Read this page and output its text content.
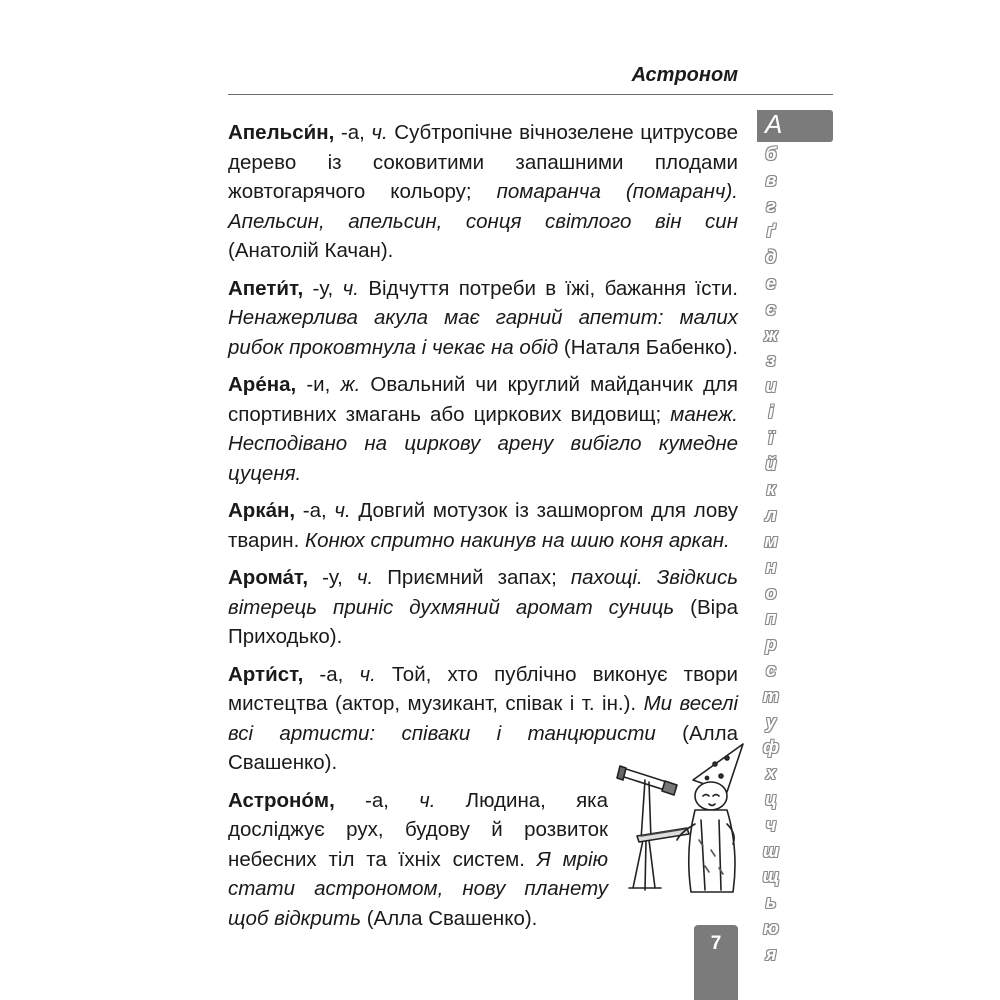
Астроном

Апельси́н, -а, ч. Субтропічне вічнозелене цитрусове дерево із соковитими запашними плодами жовтогарячого кольору; помаранча (помаранч). Апельсин, апельсин, сонця світлого він син (Анатолій Качан).

Апети́т, -у, ч. Відчуття потреби в їжі, бажання їсти. Ненажерлива акула має гарний апетит: малих рибок проковтнула і чекає на обід (Наталя Бабенко).

Аре́на, -и, ж. Овальний чи круглий майданчик для спортивних змагань або циркових видовищ; манеж. Несподівано на циркову арену вибігло кумедне цуценя.

Арка́н, -а, ч. Довгий мотузок із зашморгом для лову тварин. Конюх спритно накинув на шию коня аркан.

Арома́т, -у, ч. Приємний запах; пахощі. Звідкись вітерець приніс духмяний аромат суниць (Віра Приходько).

Арти́ст, -а, ч. Той, хто публічно виконує твори мистецтва (актор, музикант, співак і т. ін.). Ми веселі всі артисти: співаки і танцюристи (Алла Свашенко).

Астроно́м, -а, ч. Людина, яка досліджує рух, будову й розвиток небесних тіл та їхніх систем. Я мрію стати астрономом, нову планету щоб відкрить (Алла Свашенко).

А
б
в
г
ґ
д
е
є
ж
з
и
і
ї
й
к
л
м
н
о
п
р
с
т
у
ф
х
ц
ч
ш
щ
ь
ю
я
7
